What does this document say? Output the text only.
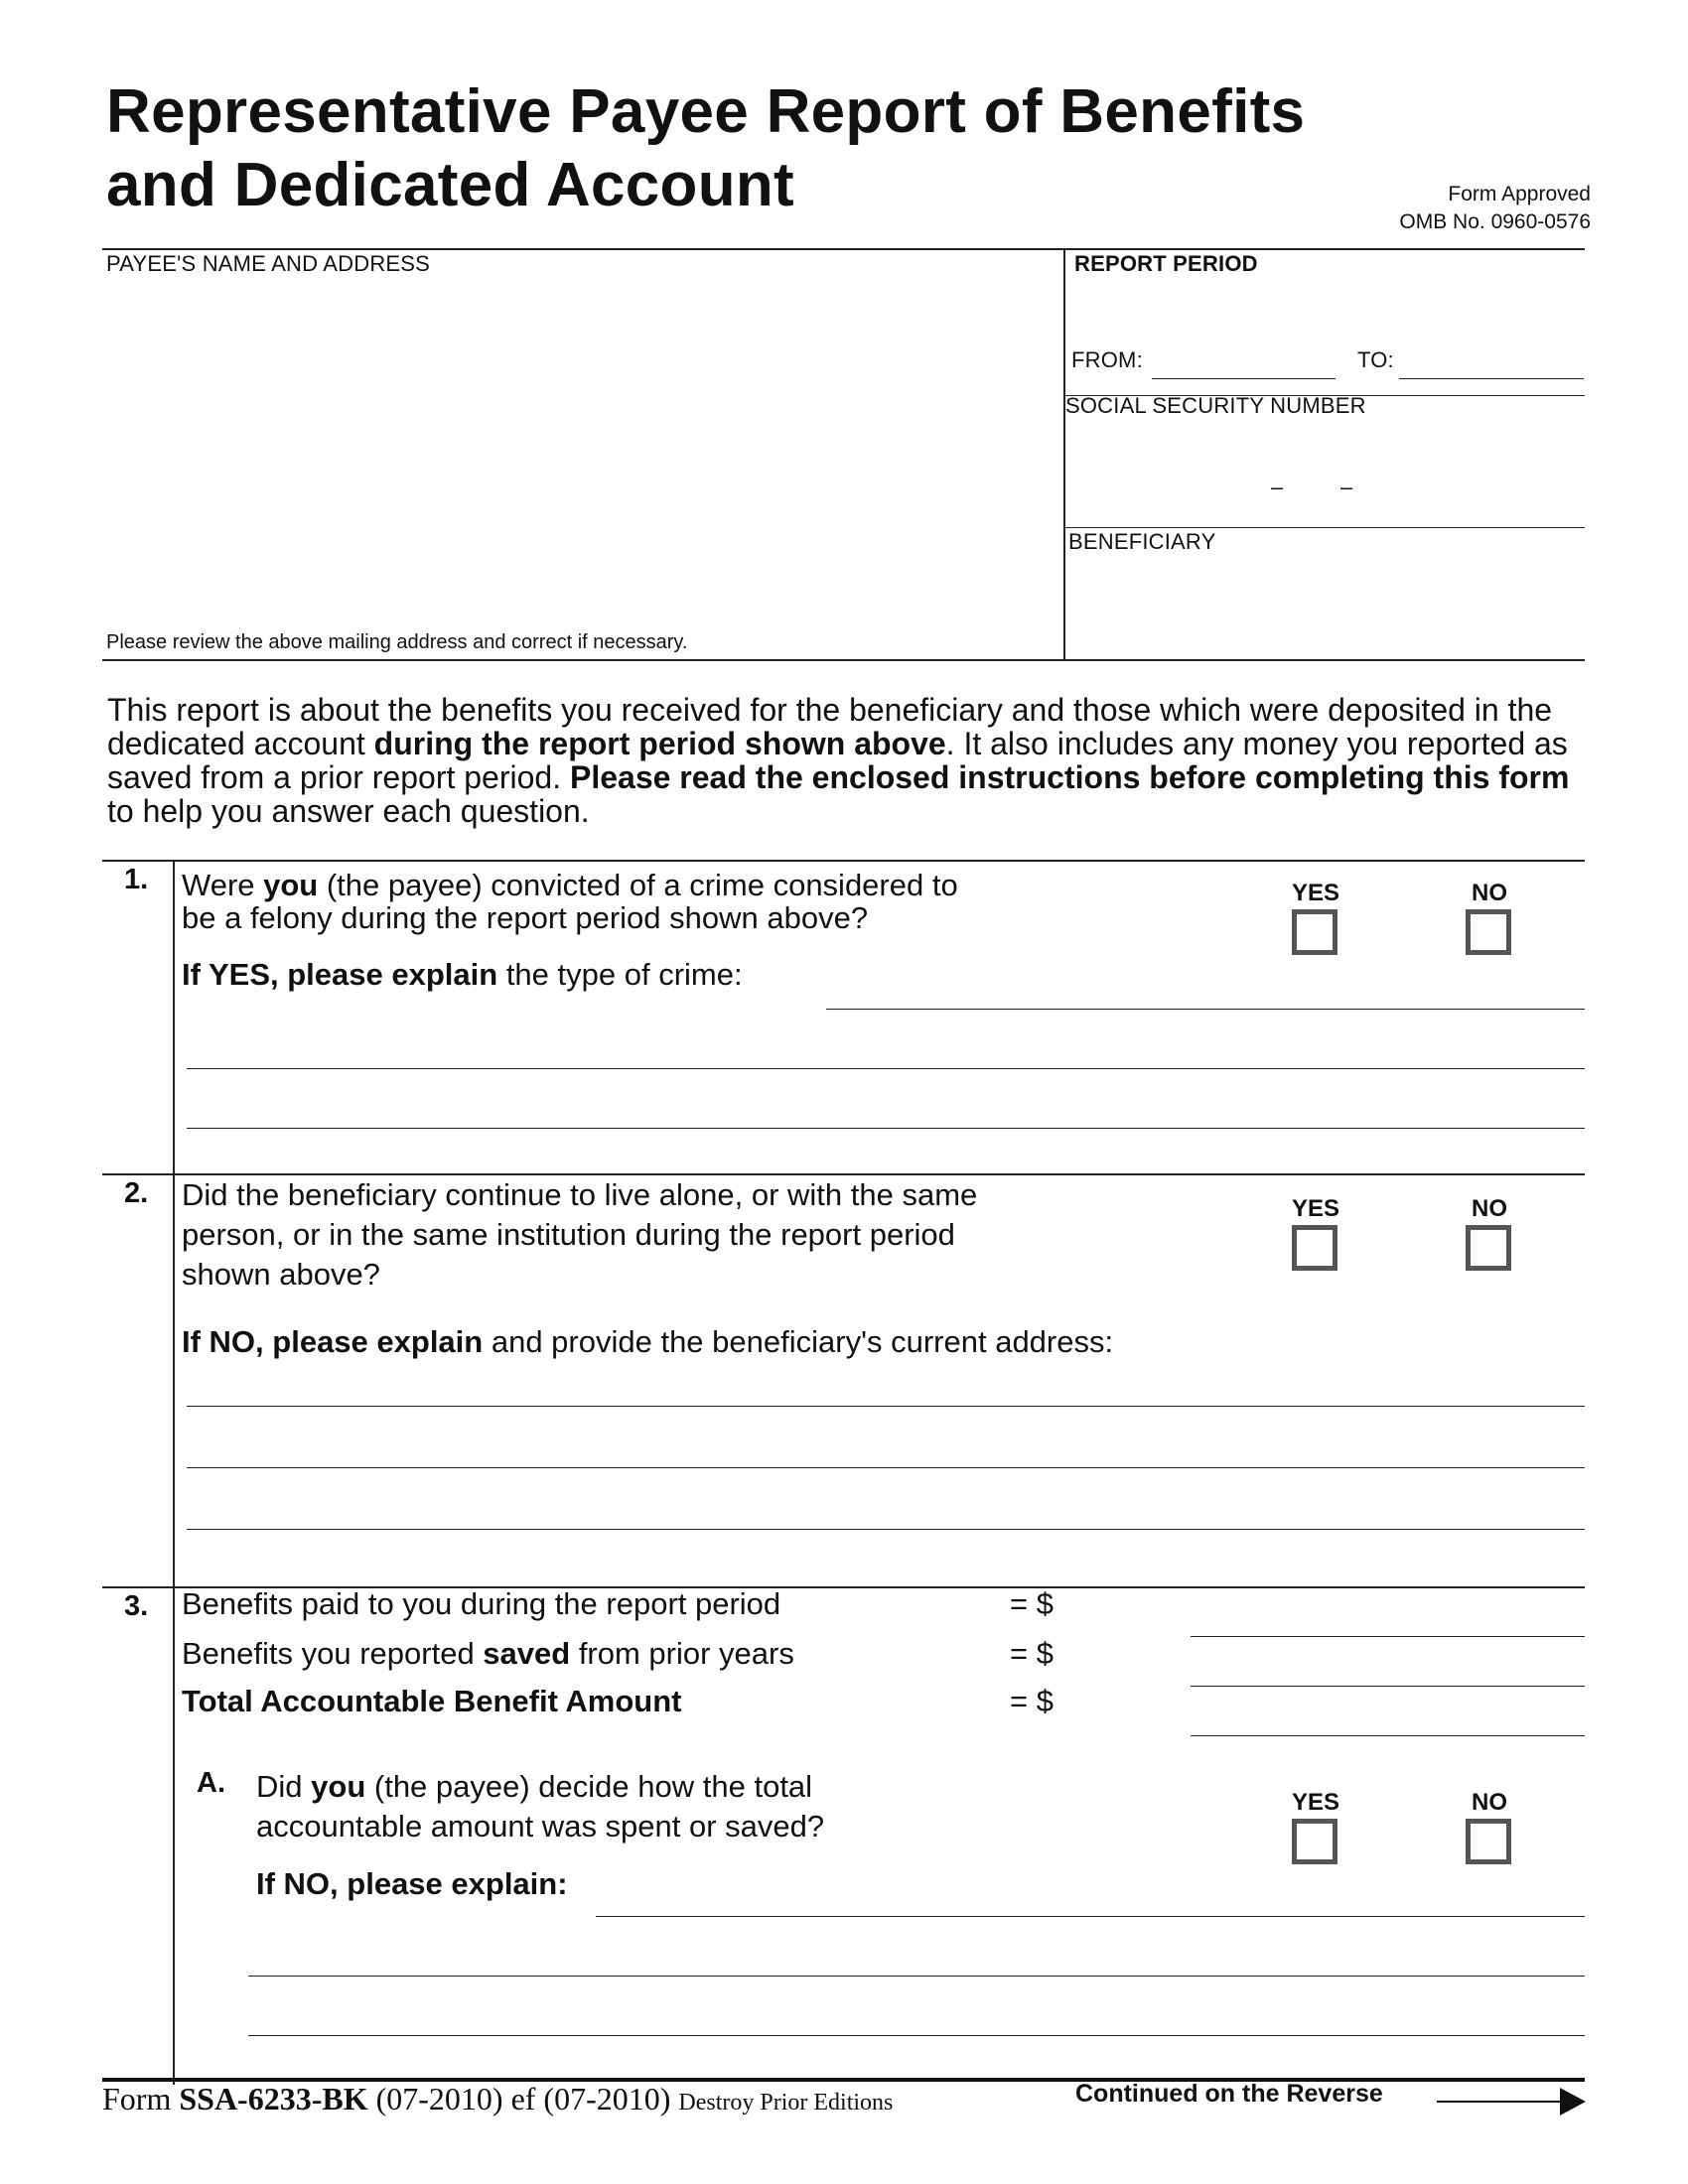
Representative Payee Report of Benefits
and Dedicated Account	Form Approved
OMB No. 0960-0576
PAYEE'S NAME AND ADDRESS
Please review the above mailing address and correct if necessary.
REPORT PERIOD
FROM:	TO:
SOCIAL SECURITY NUMBER
–	–
BENEFICIARY
This report is about the benefits you received for the beneficiary and those which were deposited in the dedicated account during the report period shown above. It also includes any money you reported as saved from a prior report period. Please read the enclosed instructions before completing this form to help you answer each question.
1. Were you (the payee) convicted of a crime considered to
be a felony during the report period shown above?
YES	NO
If YES, please explain the type of crime:
2. Did the beneficiary continue to live alone, or with the same
person, or in the same institution during the report period
shown above?
YES	NO
If NO, please explain and provide the beneficiary's current address:
3. Benefits paid to you during the report period	= $
Benefits you reported saved from prior years	= $
Total Accountable Benefit Amount	= $
A. Did you (the payee) decide how the total
accountable amount was spent or saved?
YES	NO
If NO, please explain:
Form SSA-6233-BK (07-2010) ef (07-2010) Destroy Prior Editions	Continued on the Reverse
